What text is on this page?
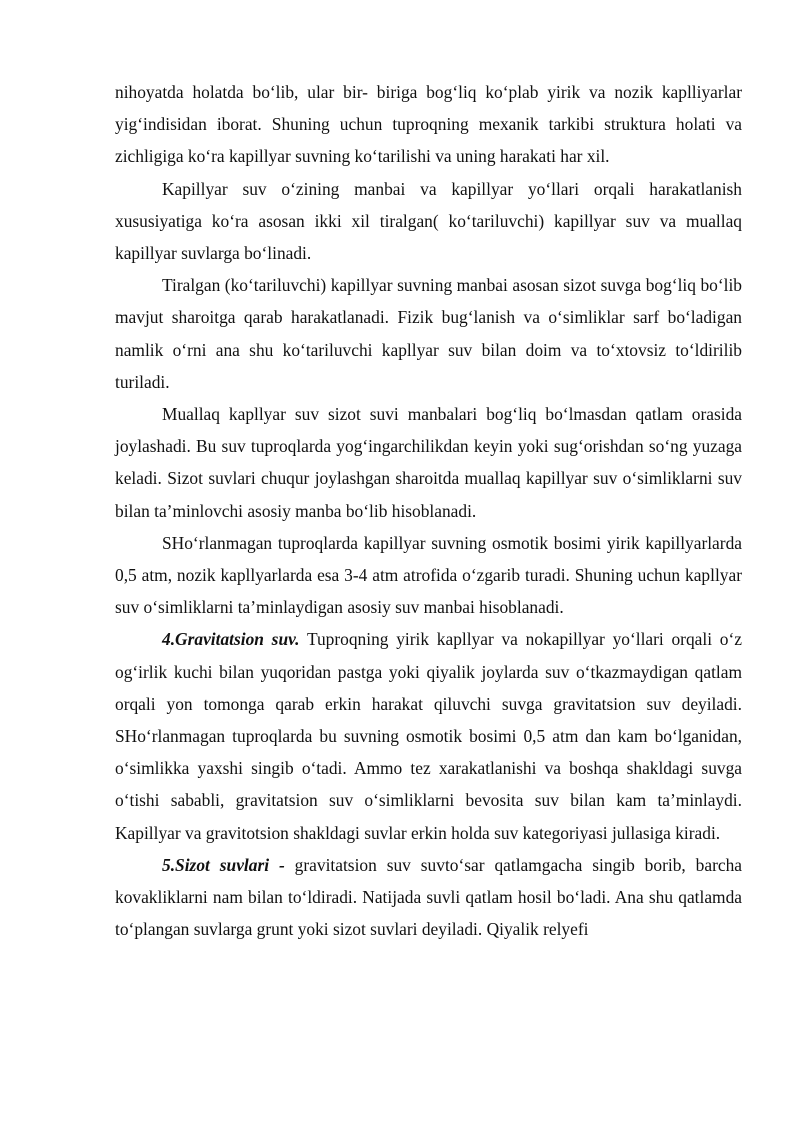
nihoyatda holatda boʻlib, ular bir- biriga bogʻliq koʻplab yirik va nozik kaplliyarlar yigʻindisidan iborat. Shuning uchun tuproqning mexanik tarkibi struktura holati va zichligiga koʻra kapillyar suvning koʻtarilishi va uning harakati har xil.

Kapillyar suv oʻzining manbai va kapillyar yoʻllari orqali harakatlanish xususiyatiga koʻra asosan ikki xil tiralgan( koʻtariluvchi) kapillyar suv va muallaq kapillyar suvlarga boʻlinadi.

Tiralgan (koʻtariluvchi) kapillyar suvning manbai asosan sizot suvga bogʻliq boʻlib mavjut sharoitga qarab harakatlanadi. Fizik bugʻlanish va oʻsimliklar sarf boʻladigan namlik oʻrni ana shu koʻtariluvchi kapllyar suv bilan doim va toʻxtovsiz toʻldirilib turiladi.

Muallaq kapllyar suv sizot suvi manbalari bogʻliq boʻlmasdan qatlam orasida joylashadi. Bu suv tuproqlarda yogʻingarchilikdan keyin yoki sugʻorishdan soʻng yuzaga keladi. Sizot suvlari chuqur joylashgan sharoitda muallaq kapillyar suv oʻsimliklarni suv bilan taʼminlovchi asosiy manba boʻlib hisoblanadi.

SHoʻrlanmagan tuproqlarda kapillyar suvning osmotik bosimi yirik kapillyarlarda 0,5 atm, nozik kapllyarlarda esa 3-4 atm atrofida oʻzgarib turadi. Shuning uchun kapllyar suv oʻsimliklarni taʼminlaydigan asosiy suv manbai hisoblanadi.

4.Gravitatsion suv. Tuproqning yirik kapllyar va nokapillyar yoʻllari orqali oʻz ogʻirlik kuchi bilan yuqoridan pastga yoki qiyalik joylarda suv oʻtkazmaydigan qatlam orqali yon tomonga qarab erkin harakat qiluvchi suvga gravitatsion suv deyiladi. SHoʻrlanmagan tuproqlarda bu suvning osmotik bosimi 0,5 atm dan kam boʻlganidan, oʻsimlikka yaxshi singib oʻtadi. Ammo tez xarakatlanishi va boshqa shakldagi suvga oʻtishi sababli, gravitatsion suv oʻsimliklarni bevosita suv bilan kam taʼminlaydi. Kapillyar va gravitotsion shakldagi suvlar erkin holda suv kategoriyasi jullasiga kiradi.

5.Sizot suvlari - gravitatsion suv suvtoʻsar qatlamgacha singib borib, barcha kovakliklarni nam bilan toʻldiradi. Natijada suvli qatlam hosil boʻladi. Ana shu qatlamda toʻplangan suvlarga grunt yoki sizot suvlari deyiladi. Qiyalik relyefi
